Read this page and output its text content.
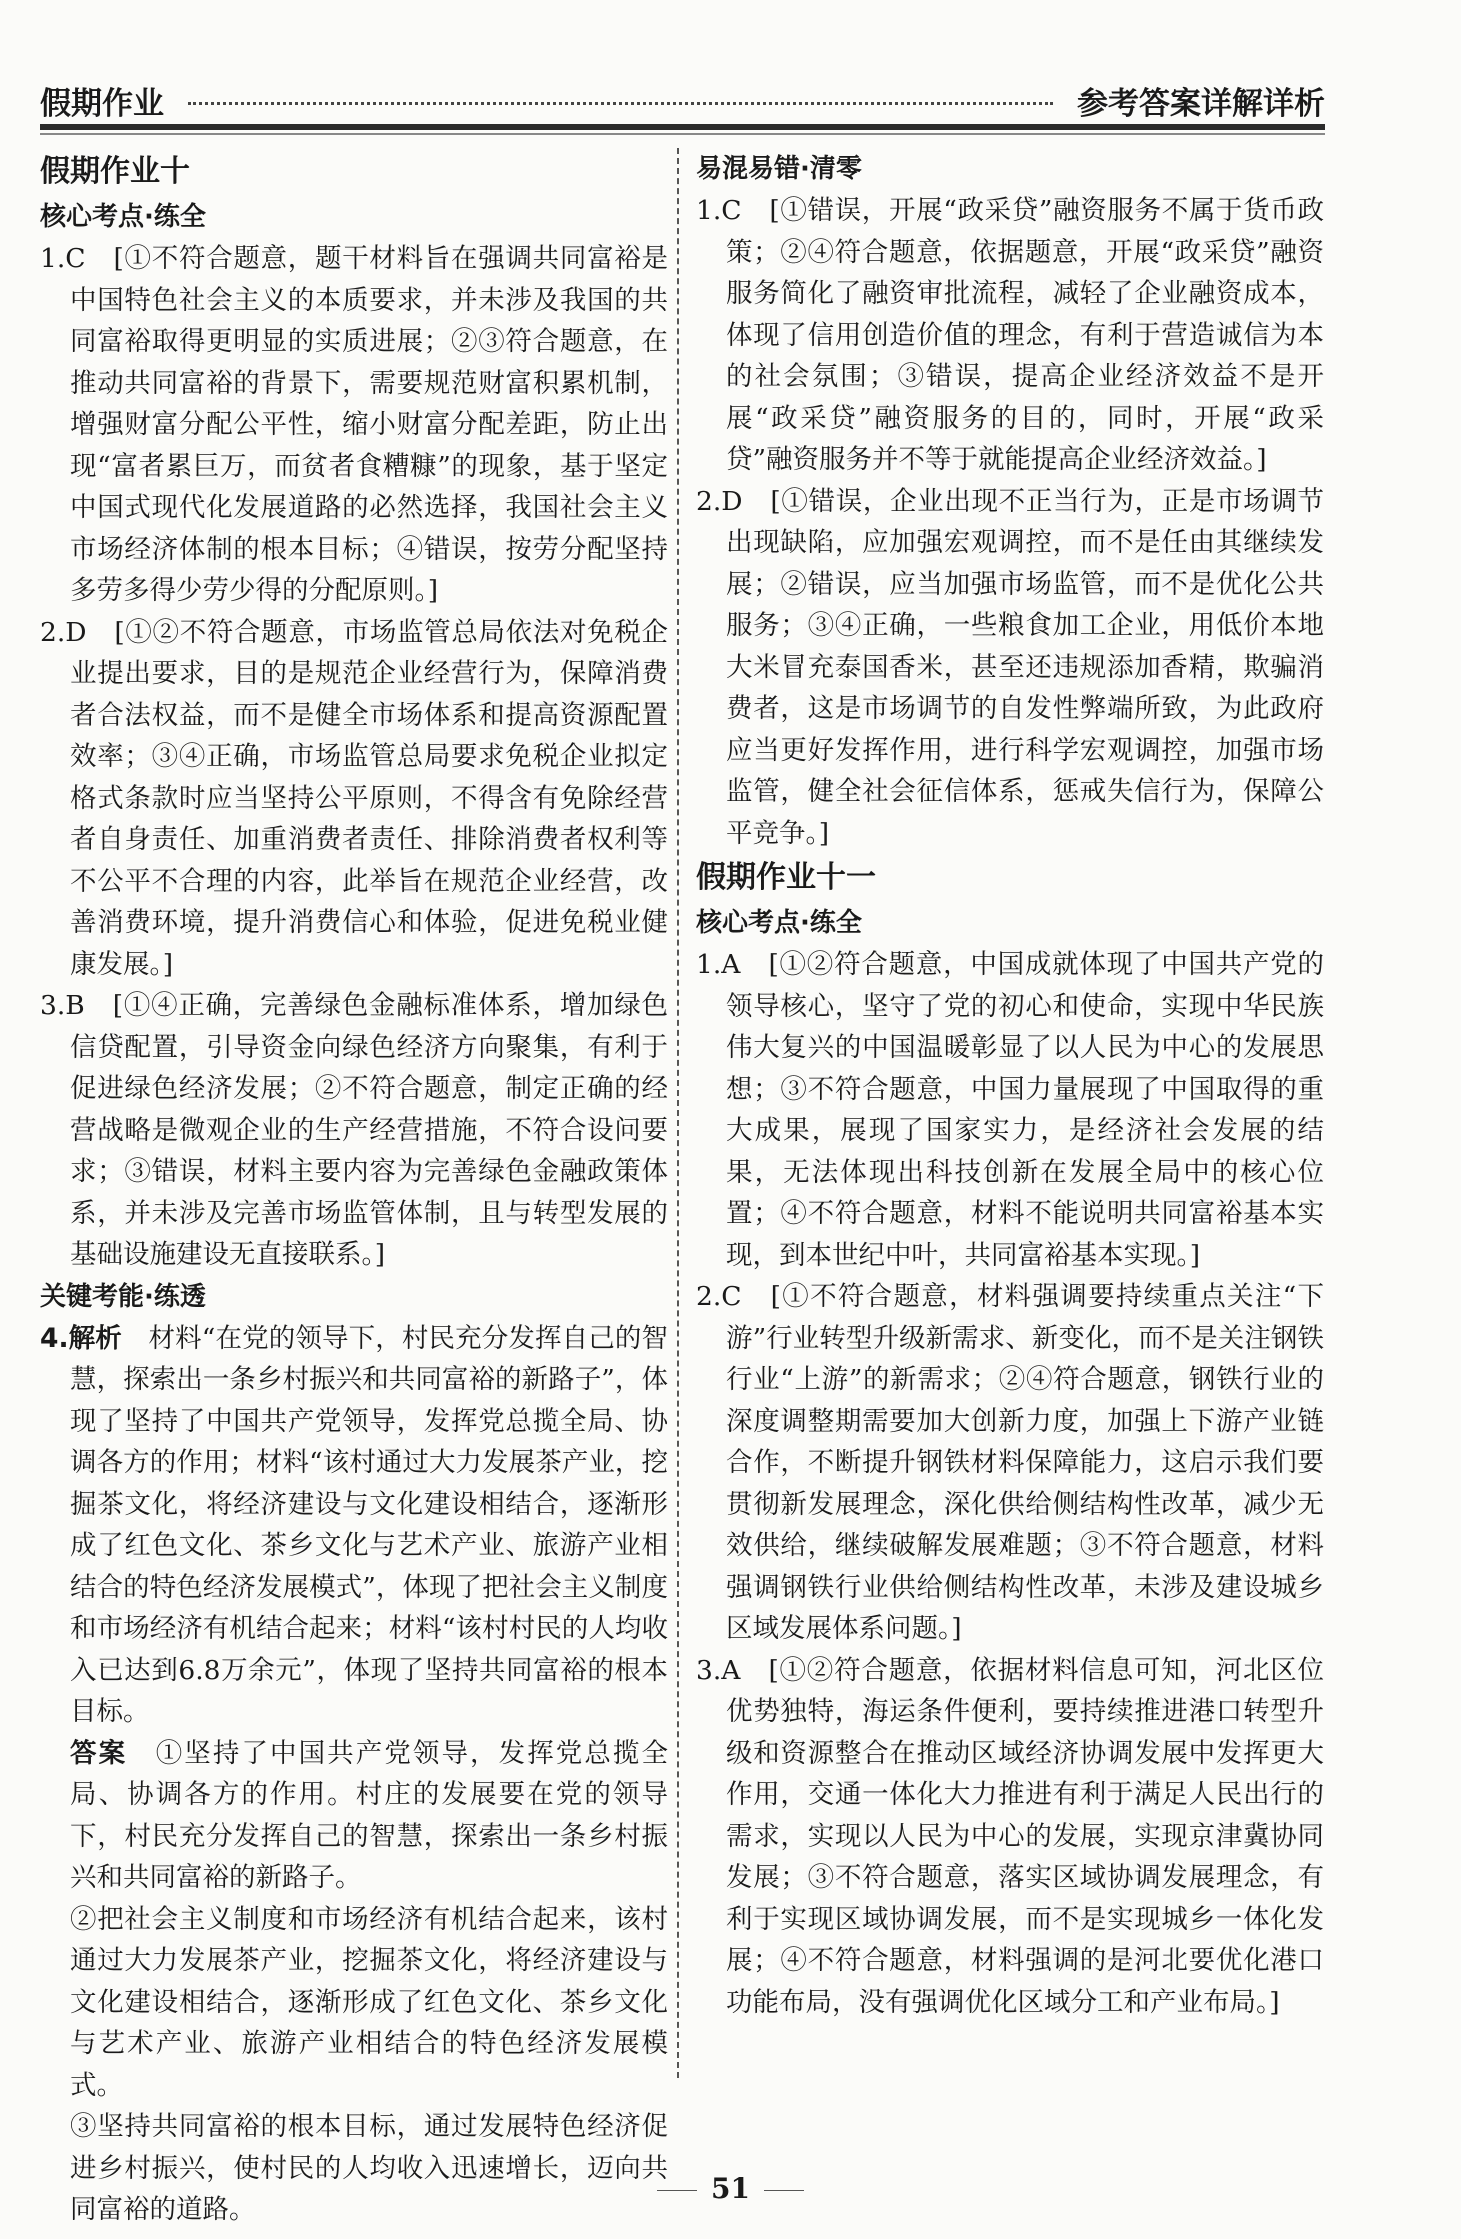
假期作业	参考答案详解详析

假期作业十

核心考点·练全

1.C　[①不符合题意，题干材料旨在强调共同富裕是中国特色社会主义的本质要求，并未涉及我国的共同富裕取得更明显的实质进展；②③符合题意，在推动共同富裕的背景下，需要规范财富积累机制，增强财富分配公平性，缩小财富分配差距，防止出现“富者累巨万，而贫者食糟糠”的现象，基于坚定中国式现代化发展道路的必然选择，我国社会主义市场经济体制的根本目标；④错误，按劳分配坚持多劳多得少劳少得的分配原则。]

2.D　[①②不符合题意，市场监管总局依法对免税企业提出要求，目的是规范企业经营行为，保障消费者合法权益，而不是健全市场体系和提高资源配置效率；③④正确，市场监管总局要求免税企业拟定格式条款时应当坚持公平原则，不得含有免除经营者自身责任、加重消费者责任、排除消费者权利等不公平不合理的内容，此举旨在规范企业经营，改善消费环境，提升消费信心和体验，促进免税业健康发展。]

3.B　[①④正确，完善绿色金融标准体系，增加绿色信贷配置，引导资金向绿色经济方向聚集，有利于促进绿色经济发展；②不符合题意，制定正确的经营战略是微观企业的生产经营措施，不符合设问要求；③错误，材料主要内容为完善绿色金融政策体系，并未涉及完善市场监管体制，且与转型发展的基础设施建设无直接联系。]

关键考能·练透

4.解析　 材料“在党的领导下，村民充分发挥自己的智慧，探索出一条乡村振兴和共同富裕的新路子”，体现了坚持了中国共产党领导，发挥党总揽全局、协调各方的作用；材料“该村通过大力发展茶产业，挖掘茶文化，将经济建设与文化建设相结合，逐渐形成了红色文化、茶乡文化与艺术产业、旅游产业相结合的特色经济发展模式”，体现了把社会主义制度和市场经济有机结合起来；材料“该村村民的人均收入已达到6.8万余元”，体现了坚持共同富裕的根本目标。

答案　 ①坚持了中国共产党领导，发挥党总揽全局、协调各方的作用。村庄的发展要在党的领导下，村民充分发挥自己的智慧，探索出一条乡村振兴和共同富裕的新路子。

②把社会主义制度和市场经济有机结合起来，该村通过大力发展茶产业，挖掘茶文化，将经济建设与文化建设相结合，逐渐形成了红色文化、茶乡文化与艺术产业、旅游产业相结合的特色经济发展模式。

③坚持共同富裕的根本目标，通过发展特色经济促进乡村振兴，使村民的人均收入迅速增长，迈向共同富裕的道路。

易混易错·清零

1.C　[①错误，开展“政采贷”融资服务不属于货币政策；②④符合题意，依据题意，开展“政采贷”融资服务简化了融资审批流程，减轻了企业融资成本，体现了信用创造价值的理念，有利于营造诚信为本的社会氛围；③错误，提高企业经济效益不是开展“政采贷”融资服务的目的，同时，开展“政采贷”融资服务并不等于就能提高企业经济效益。]

2.D　[①错误，企业出现不正当行为，正是市场调节出现缺陷，应加强宏观调控，而不是任由其继续发展；②错误，应当加强市场监管，而不是优化公共服务；③④正确，一些粮食加工企业，用低价本地大米冒充泰国香米，甚至还违规添加香精，欺骗消费者，这是市场调节的自发性弊端所致，为此政府应当更好发挥作用，进行科学宏观调控，加强市场监管，健全社会征信体系，惩戒失信行为，保障公平竞争。]

假期作业十一

核心考点·练全

1.A　[①②符合题意，中国成就体现了中国共产党的领导核心，坚守了党的初心和使命，实现中华民族伟大复兴的中国温暖彰显了以人民为中心的发展思想；③不符合题意，中国力量展现了中国取得的重大成果，展现了国家实力，是经济社会发展的结果，无法体现出科技创新在发展全局中的核心位置；④不符合题意，材料不能说明共同富裕基本实现，到本世纪中叶，共同富裕基本实现。]

2.C　[①不符合题意，材料强调要持续重点关注“下游”行业转型升级新需求、新变化，而不是关注钢铁行业“上游”的新需求；②④符合题意，钢铁行业的深度调整期需要加大创新力度，加强上下游产业链合作，不断提升钢铁材料保障能力，这启示我们要贯彻新发展理念，深化供给侧结构性改革，减少无效供给，继续破解发展难题；③不符合题意，材料强调钢铁行业供给侧结构性改革，未涉及建设城乡区域发展体系问题。]

3.A　[①②符合题意，依据材料信息可知，河北区位优势独特，海运条件便利，要持续推进港口转型升级和资源整合在推动区域经济协调发展中发挥更大作用，交通一体化大力推进有利于满足人民出行的需求，实现以人民为中心的发展，实现京津冀协同发展；③不符合题意，落实区域协调发展理念，有利于实现区域协调发展，而不是实现城乡一体化发展；④不符合题意，材料强调的是河北要优化港口功能布局，没有强调优化区域分工和产业布局。]

51
